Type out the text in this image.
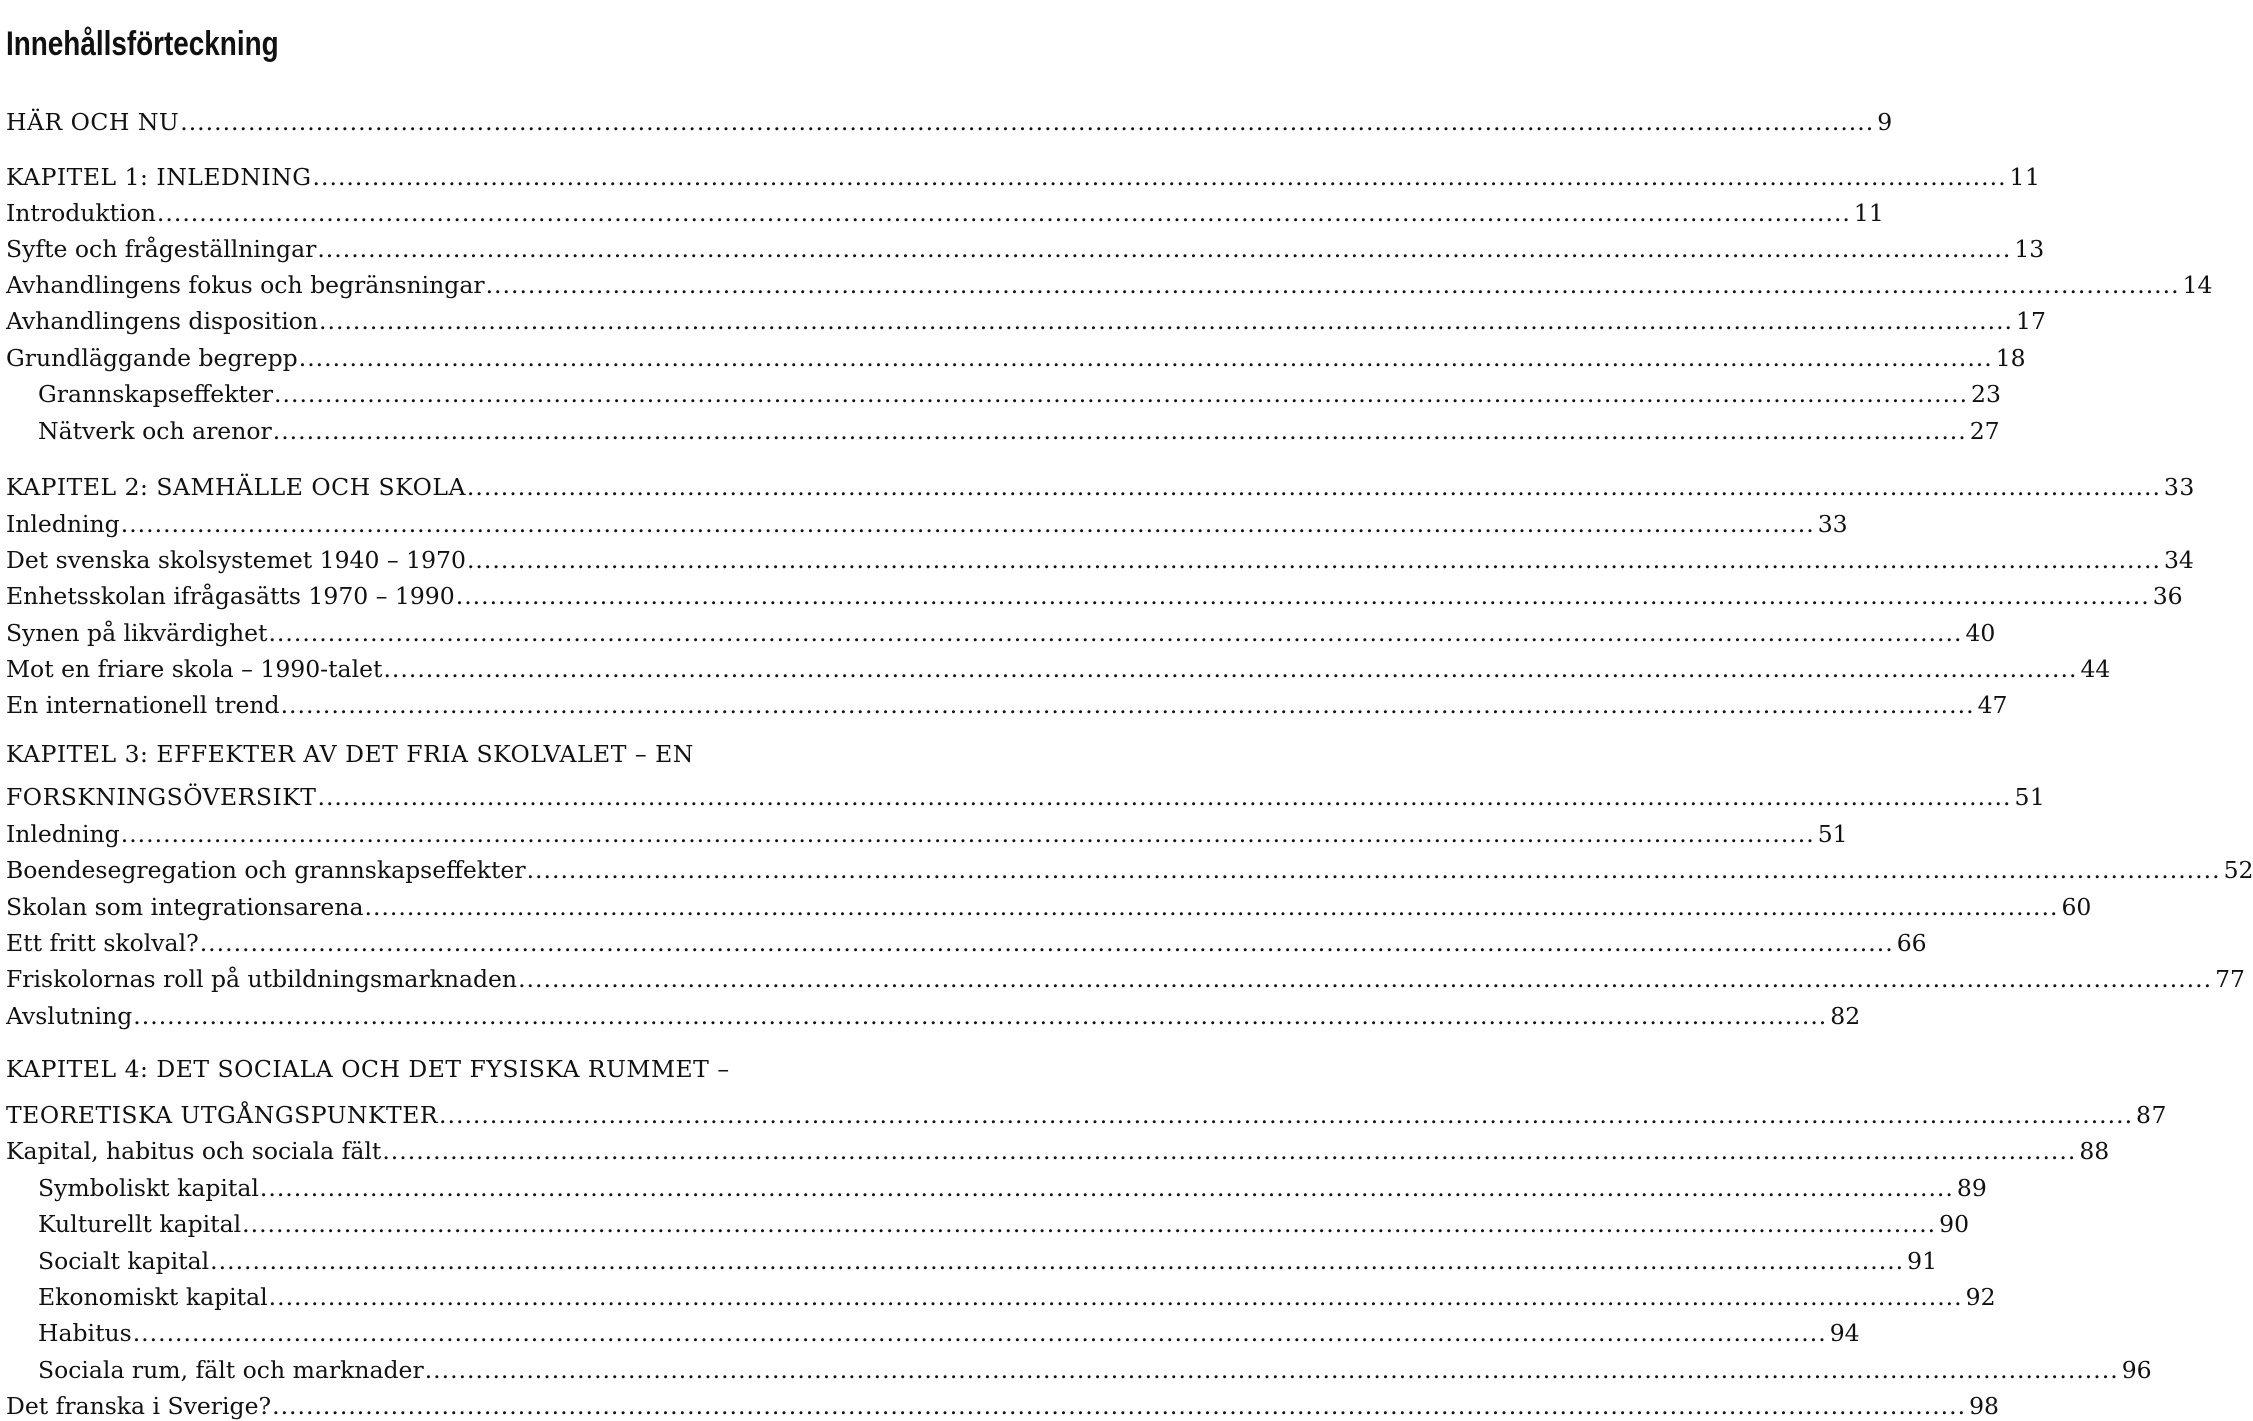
Innehållsförteckning
HÄR OCH NU ........................................................................................................................................................................................................ 9
KAPITEL 1: INLEDNING ........................................................................................................................................................................................................ 11
Introduktion ........................................................................................................................................................................................................ 11
Syfte och frågeställningar ........................................................................................................................................................................................................ 13
Avhandlingens fokus och begränsningar ........................................................................................................................................................................................................ 14
Avhandlingens disposition ........................................................................................................................................................................................................ 17
Grundläggande begrepp ........................................................................................................................................................................................................ 18
Grannskapseffekter ........................................................................................................................................................................................................ 23
Nätverk och arenor ........................................................................................................................................................................................................ 27
KAPITEL 2: SAMHÄLLE OCH SKOLA ........................................................................................................................................................................................................ 33
Inledning ........................................................................................................................................................................................................ 33
Det svenska skolsystemet 1940 – 1970 ........................................................................................................................................................................................................ 34
Enhetsskolan ifrågasätts 1970 – 1990 ........................................................................................................................................................................................................ 36
Synen på likvärdighet ........................................................................................................................................................................................................ 40
Mot en friare skola – 1990-talet ........................................................................................................................................................................................................ 44
En internationell trend ........................................................................................................................................................................................................ 47
KAPITEL 3: EFFEKTER AV DET FRIA SKOLVALET – EN
FORSKNINGSÖVERSIKT ........................................................................................................................................................................................................ 51
Inledning ........................................................................................................................................................................................................ 51
Boendesegregation och grannskapseffekter ........................................................................................................................................................................................................ 52
Skolan som integrationsarena ........................................................................................................................................................................................................ 60
Ett fritt skolval? ........................................................................................................................................................................................................ 66
Friskolornas roll på utbildningsmarknaden ........................................................................................................................................................................................................ 77
Avslutning ........................................................................................................................................................................................................ 82
KAPITEL 4: DET SOCIALA OCH DET FYSISKA RUMMET –
TEORETISKA UTGÅNGSPUNKTER ........................................................................................................................................................................................................ 87
Kapital, habitus och sociala fält ........................................................................................................................................................................................................ 88
Symboliskt kapital ........................................................................................................................................................................................................ 89
Kulturellt kapital ........................................................................................................................................................................................................ 90
Socialt kapital ........................................................................................................................................................................................................ 91
Ekonomiskt kapital ........................................................................................................................................................................................................ 92
Habitus ........................................................................................................................................................................................................ 94
Sociala rum, fält och marknader ........................................................................................................................................................................................................ 96
Det franska i Sverige? ........................................................................................................................................................................................................ 98
